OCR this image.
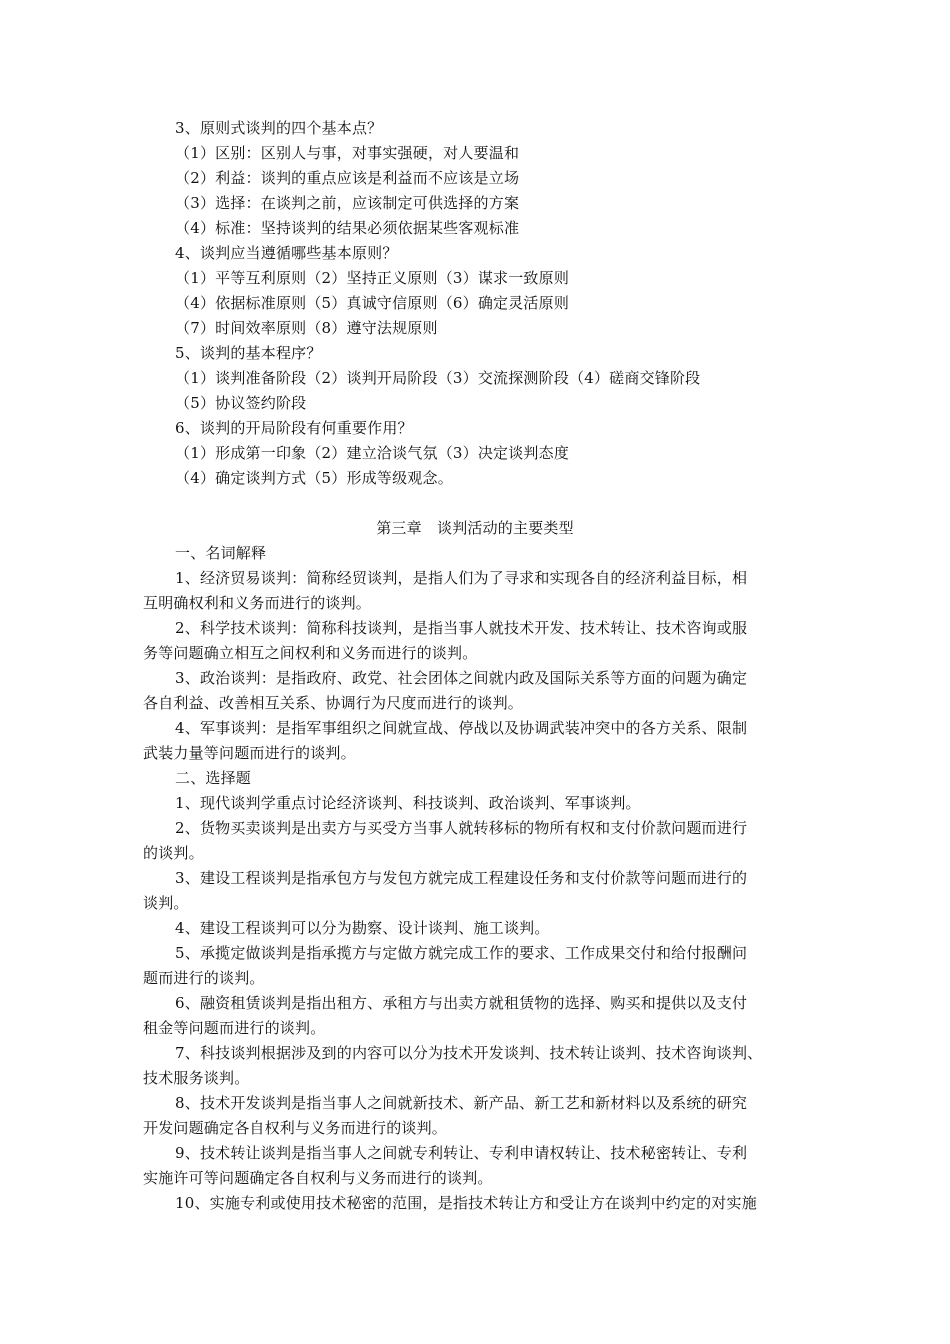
3、原则式谈判的四个基本点？
（1）区别：区别人与事，对事实强硬，对人要温和
（2）利益：谈判的重点应该是利益而不应该是立场
（3）选择：在谈判之前，应该制定可供选择的方案
（4）标准：坚持谈判的结果必须依据某些客观标准
4、谈判应当遵循哪些基本原则？
（1）平等互利原则（2）坚持正义原则（3）谋求一致原则
（4）依据标准原则（5）真诚守信原则（6）确定灵活原则
（7）时间效率原则（8）遵守法规原则
5、谈判的基本程序？
（1）谈判准备阶段（2）谈判开局阶段（3）交流探测阶段（4）磋商交锋阶段
（5）协议签约阶段
6、谈判的开局阶段有何重要作用？
（1）形成第一印象（2）建立洽谈气氛（3）决定谈判态度
（4）确定谈判方式（5）形成等级观念。
第三章　谈判活动的主要类型
一、名词解释
1、经济贸易谈判：简称经贸谈判，是指人们为了寻求和实现各自的经济利益目标，相
互明确权利和义务而进行的谈判。
2、科学技术谈判：简称科技谈判，是指当事人就技术开发、技术转让、技术咨询或服
务等问题确立相互之间权利和义务而进行的谈判。
3、政治谈判：是指政府、政党、社会团体之间就内政及国际关系等方面的问题为确定
各自利益、改善相互关系、协调行为尺度而进行的谈判。
4、军事谈判：是指军事组织之间就宣战、停战以及协调武装冲突中的各方关系、限制
武装力量等问题而进行的谈判。
二、选择题
1、现代谈判学重点讨论经济谈判、科技谈判、政治谈判、军事谈判。
2、货物买卖谈判是出卖方与买受方当事人就转移标的物所有权和支付价款问题而进行
的谈判。
3、建设工程谈判是指承包方与发包方就完成工程建设任务和支付价款等问题而进行的
谈判。
4、建设工程谈判可以分为勘察、设计谈判、施工谈判。
5、承揽定做谈判是指承揽方与定做方就完成工作的要求、工作成果交付和给付报酬问
题而进行的谈判。
6、融资租赁谈判是指出租方、承租方与出卖方就租赁物的选择、购买和提供以及支付
租金等问题而进行的谈判。
7、科技谈判根据涉及到的内容可以分为技术开发谈判、技术转让谈判、技术咨询谈判、
技术服务谈判。
8、技术开发谈判是指当事人之间就新技术、新产品、新工艺和新材料以及系统的研究
开发问题确定各自权利与义务而进行的谈判。
9、技术转让谈判是指当事人之间就专利转让、专利申请权转让、技术秘密转让、专利
实施许可等问题确定各自权利与义务而进行的谈判。
10、实施专利或使用技术秘密的范围，是指技术转让方和受让方在谈判中约定的对实施
